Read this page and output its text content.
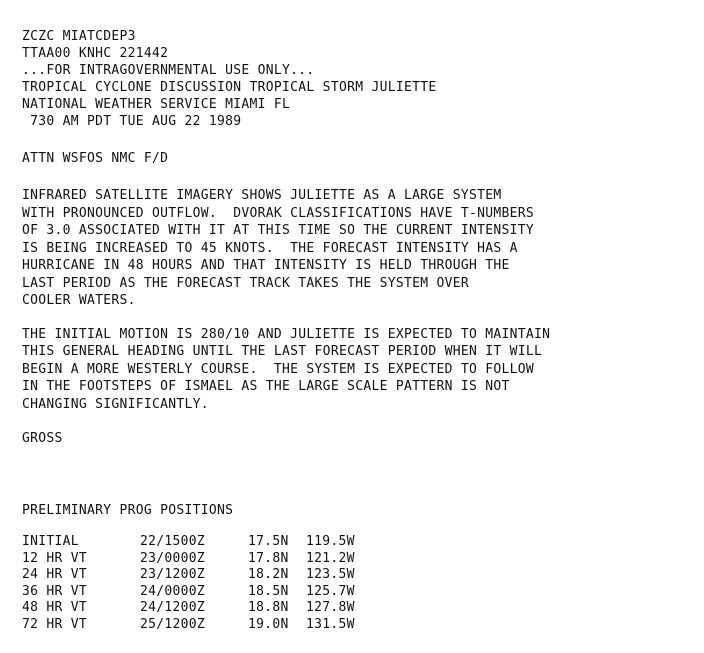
ZCZC MIATCDEP3
TTAA00 KNHC 221442
...FOR INTRAGOVERNMENTAL USE ONLY...
TROPICAL CYCLONE DISCUSSION TROPICAL STORM JULIETTE
NATIONAL WEATHER SERVICE MIAMI FL
730 AM PDT TUE AUG 22 1989
ATTN WSFOS NMC F/D
INFRARED SATELLITE IMAGERY SHOWS JULIETTE AS A LARGE SYSTEM
WITH PRONOUNCED OUTFLOW.  DVORAK CLASSIFICATIONS HAVE T-NUMBERS
OF 3.0 ASSOCIATED WITH IT AT THIS TIME SO THE CURRENT INTENSITY
IS BEING INCREASED TO 45 KNOTS.  THE FORECAST INTENSITY HAS A
HURRICANE IN 48 HOURS AND THAT INTENSITY IS HELD THROUGH THE
LAST PERIOD AS THE FORECAST TRACK TAKES THE SYSTEM OVER
COOLER WATERS.
THE INITIAL MOTION IS 280/10 AND JULIETTE IS EXPECTED TO MAINTAIN
THIS GENERAL HEADING UNTIL THE LAST FORECAST PERIOD WHEN IT WILL
BEGIN A MORE WESTERLY COURSE.  THE SYSTEM IS EXPECTED TO FOLLOW
IN THE FOOTSTEPS OF ISMAEL AS THE LARGE SCALE PATTERN IS NOT
CHANGING SIGNIFICANTLY.
GROSS
PRELIMINARY PROG POSITIONS
INITIAL	22/1500Z	17.5N	119.5W
12 HR VT	23/0000Z	17.8N	121.2W
24 HR VT	23/1200Z	18.2N	123.5W
36 HR VT	24/0000Z	18.5N	125.7W
48 HR VT	24/1200Z	18.8N	127.8W
72 HR VT	25/1200Z	19.0N	131.5W
